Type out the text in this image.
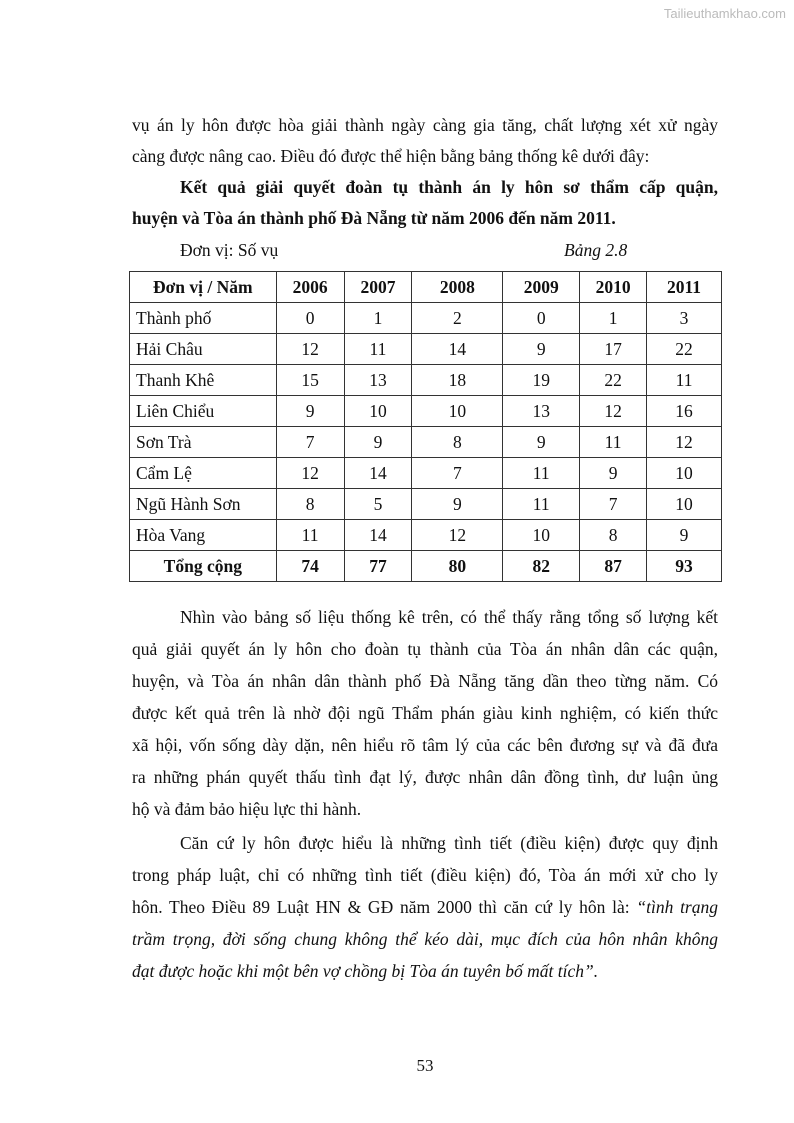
Tailieuthamkhao.com
vụ án ly hôn được hòa giải thành ngày càng gia tăng, chất lượng xét xử ngày
càng được nâng cao. Điều đó được thể hiện bằng bảng thống kê dưới đây:
Kết quả giải quyết đoàn tụ thành án ly hôn sơ thẩm cấp quận,
huyện và Tòa án thành phố Đà Nẵng từ năm 2006 đến năm 2011.
Đơn vị: Số vụ	Bảng 2.8
Đơn vị / Năm	2006	2007	2008	2009	2010	2011
Thành phố	0	1	2	0	1	3
Hải Châu	12	11	14	9	17	22
Thanh Khê	15	13	18	19	22	11
Liên Chiểu	9	10	10	13	12	16
Sơn Trà	7	9	8	9	11	12
Cẩm Lệ	12	14	7	11	9	10
Ngũ Hành Sơn	8	5	9	11	7	10
Hòa Vang	11	14	12	10	8	9
Tổng cộng	74	77	80	82	87	93
Nhìn vào bảng số liệu thống kê trên, có thể thấy rằng tổng số lượng kết
quả giải quyết án ly hôn cho đoàn tụ thành của Tòa án nhân dân các quận,
huyện, và Tòa án nhân dân thành phố Đà Nẵng tăng dần theo từng năm. Có
được kết quả trên là nhờ đội ngũ Thẩm phán giàu kinh nghiệm, có kiến thức
xã hội, vốn sống dày dặn, nên hiểu rõ tâm lý của các bên đương sự và đã đưa
ra những phán quyết thấu tình đạt lý, được nhân dân đồng tình, dư luận ủng
hộ và đảm bảo hiệu lực thi hành.
Căn cứ ly hôn được hiểu là những tình tiết (điều kiện) được quy định
trong pháp luật, chỉ có những tình tiết (điều kiện) đó, Tòa án mới xử cho ly
hôn. Theo Điều 89 Luật HN & GĐ năm 2000 thì căn cứ ly hôn là: “tình trạng
trầm trọng, đời sống chung không thể kéo dài, mục đích của hôn nhân không
đạt được hoặc khi một bên vợ chồng bị Tòa án tuyên bố mất tích”.
53
